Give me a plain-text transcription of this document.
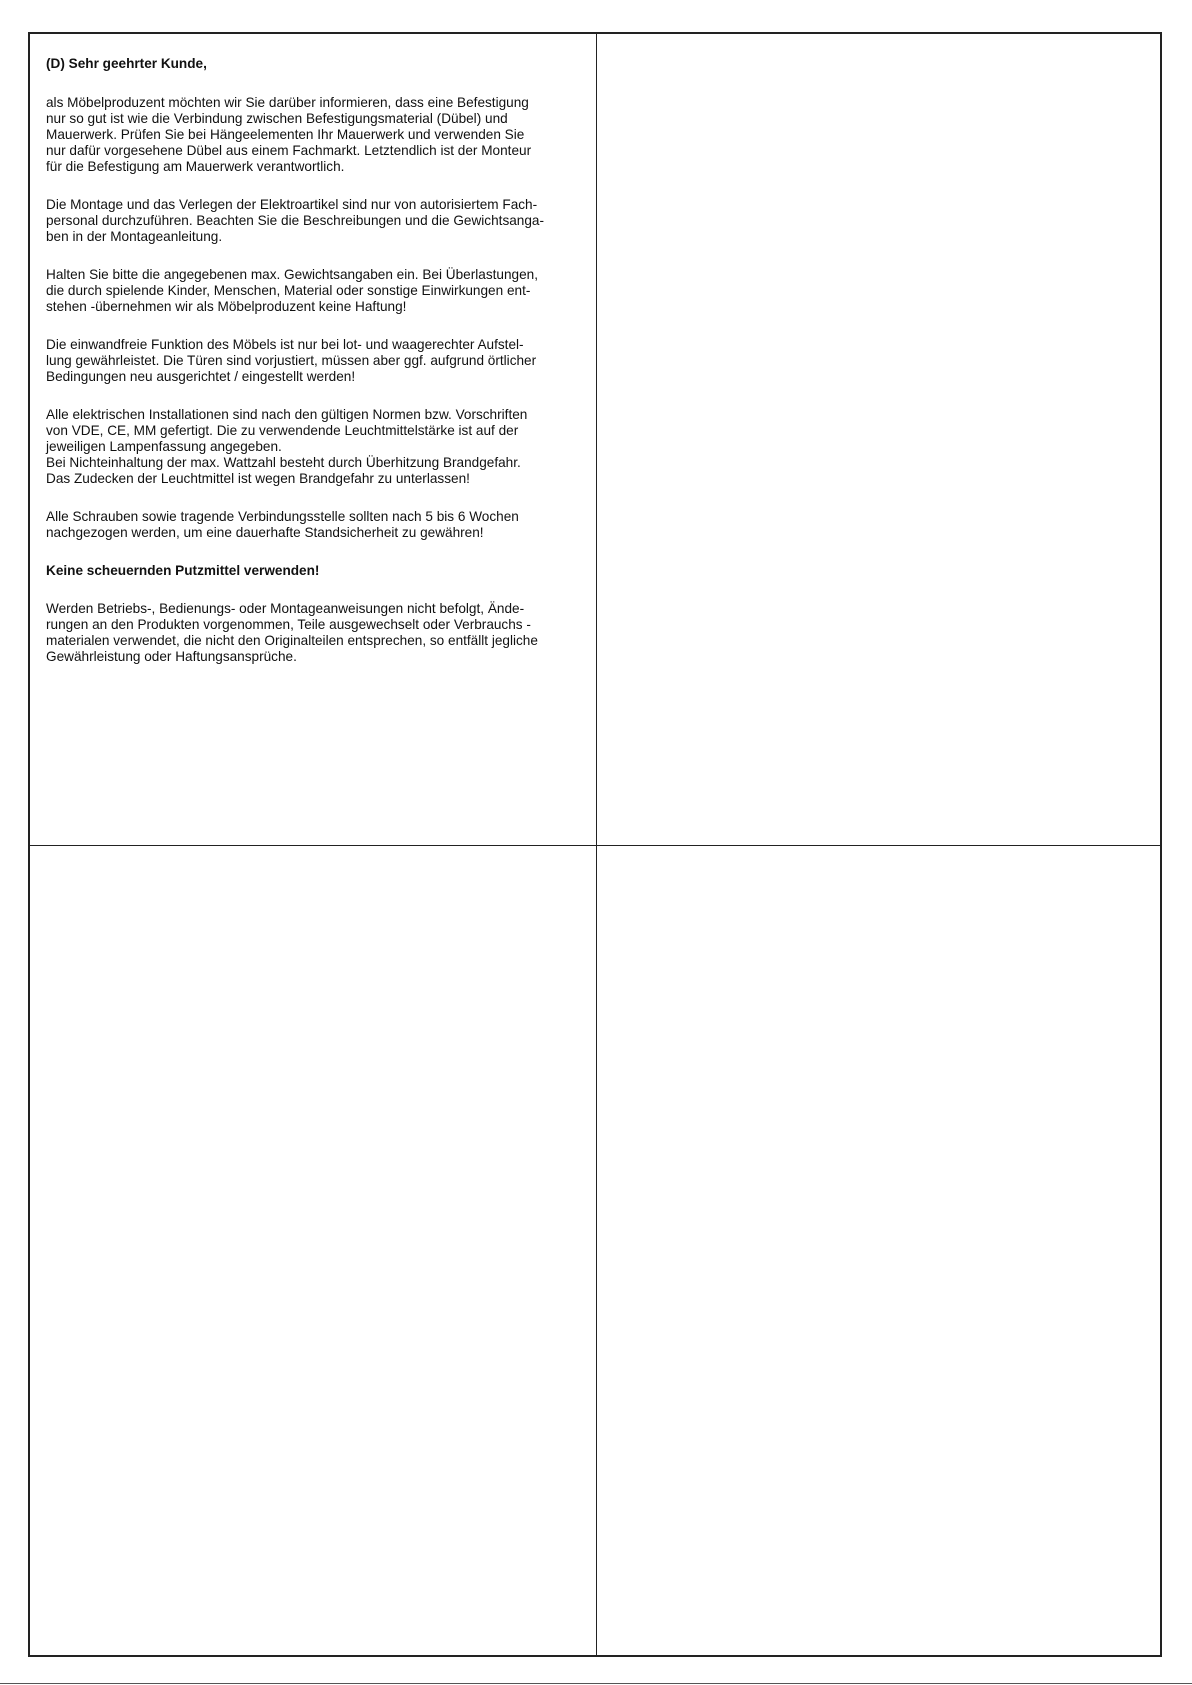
(D) Sehr geehrter Kunde,

als Möbelproduzent möchten wir Sie darüber informieren, dass eine Befestigung
nur so gut ist wie die Verbindung zwischen Befestigungsmaterial (Dübel) und
Mauerwerk. Prüfen Sie bei Hängeelementen Ihr Mauerwerk und verwenden Sie
nur dafür vorgesehene Dübel aus einem Fachmarkt. Letztendlich ist der Monteur
für die Befestigung am Mauerwerk verantwortlich.

Die Montage und das Verlegen der Elektroartikel sind nur von autorisiertem Fach-
personal durchzuführen. Beachten Sie die Beschreibungen und die Gewichtsanga-
ben in der Montageanleitung.

Halten Sie bitte die angegebenen max. Gewichtsangaben ein. Bei Überlastungen,
die durch spielende Kinder, Menschen, Material oder sonstige Einwirkungen ent-
stehen -übernehmen wir als Möbelproduzent keine Haftung!

Die einwandfreie Funktion des Möbels ist nur bei lot- und waagerechter Aufstel-
lung gewährleistet. Die Türen sind vorjustiert, müssen aber ggf. aufgrund örtlicher
Bedingungen neu ausgerichtet / eingestellt werden!

Alle elektrischen Installationen sind nach den gültigen Normen bzw. Vorschriften
von VDE, CE, MM gefertigt. Die zu verwendende Leuchtmittelstärke ist auf der
jeweiligen Lampenfassung angegeben.
Bei Nichteinhaltung der max. Wattzahl besteht durch Überhitzung Brandgefahr.
Das Zudecken der Leuchtmittel ist wegen Brandgefahr zu unterlassen!

Alle Schrauben sowie tragende Verbindungsstelle sollten nach 5 bis 6 Wochen
nachgezogen werden, um eine dauerhafte Standsicherheit zu gewähren!

Keine scheuernden Putzmittel verwenden!

Werden Betriebs-, Bedienungs- oder Montageanweisungen nicht befolgt, Ände-
rungen an den Produkten vorgenommen, Teile ausgewechselt oder Verbrauchs -
materialen verwendet, die nicht den Originalteilen entsprechen, so entfällt jegliche
Gewährleistung oder Haftungsansprüche.
